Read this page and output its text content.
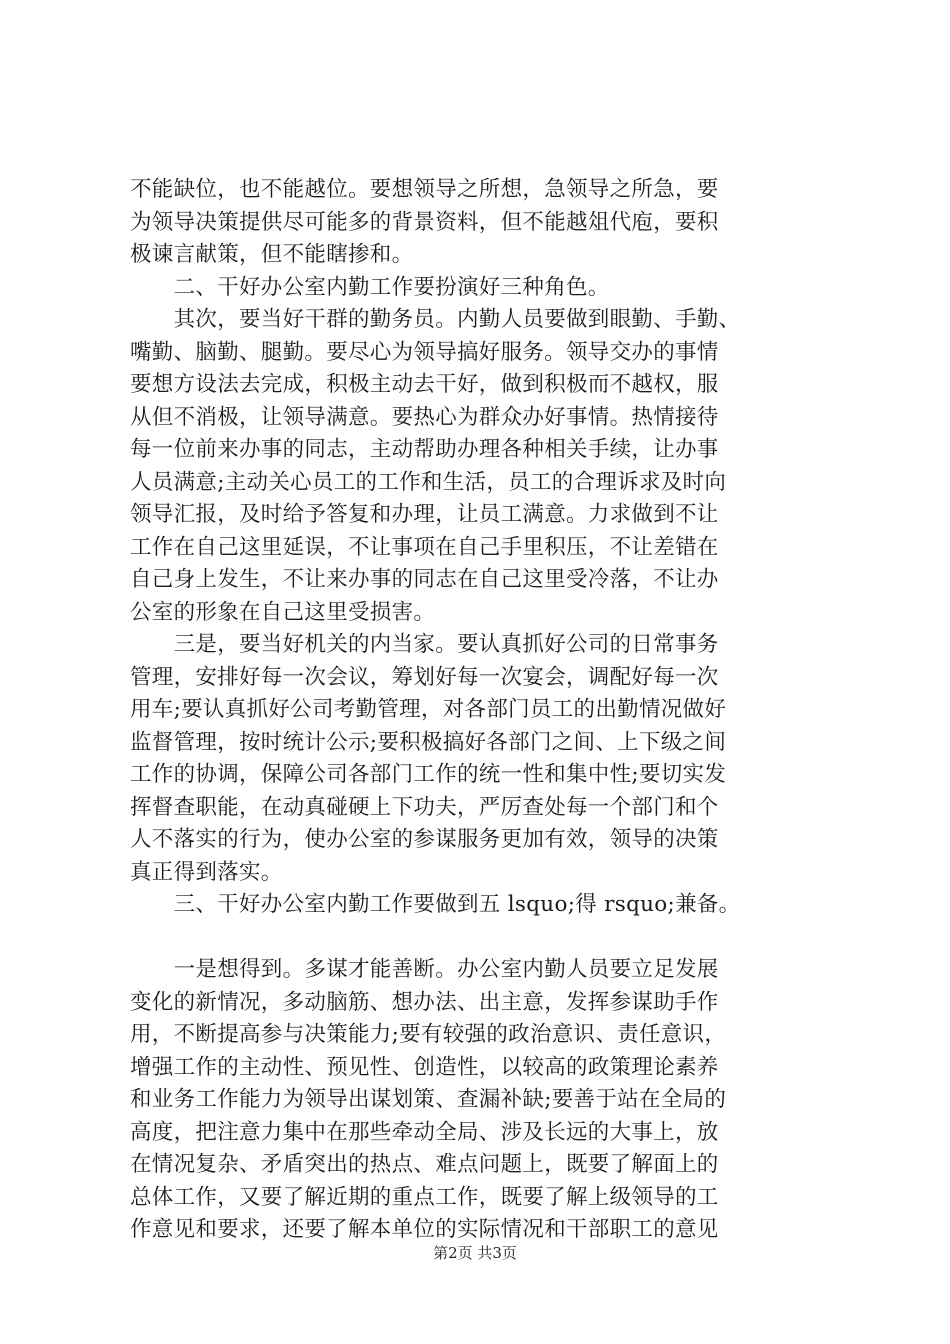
不能缺位，也不能越位。要想领导之所想，急领导之所急，要
为领导决策提供尽可能多的背景资料，但不能越俎代庖，要积
极谏言献策，但不能瞎掺和。
　　二、干好办公室内勤工作要扮演好三种角色。
　　其次，要当好干群的勤务员。内勤人员要做到眼勤、手勤、
嘴勤、脑勤、腿勤。要尽心为领导搞好服务。领导交办的事情
要想方设法去完成，积极主动去干好，做到积极而不越权，服
从但不消极，让领导满意。要热心为群众办好事情。热情接待
每一位前来办事的同志，主动帮助办理各种相关手续，让办事
人员满意;主动关心员工的工作和生活，员工的合理诉求及时向
领导汇报，及时给予答复和办理，让员工满意。力求做到不让
工作在自己这里延误，不让事项在自己手里积压，不让差错在
自己身上发生，不让来办事的同志在自己这里受冷落，不让办
公室的形象在自己这里受损害。
　　三是，要当好机关的内当家。要认真抓好公司的日常事务
管理，安排好每一次会议，筹划好每一次宴会，调配好每一次
用车;要认真抓好公司考勤管理，对各部门员工的出勤情况做好
监督管理，按时统计公示;要积极搞好各部门之间、上下级之间
工作的协调，保障公司各部门工作的统一性和集中性;要切实发
挥督查职能，在动真碰硬上下功夫，严厉查处每一个部门和个
人不落实的行为，使办公室的参谋服务更加有效，领导的决策
真正得到落实。
　　三、干好办公室内勤工作要做到五 lsquo;得 rsquo;兼备。
　　一是想得到。多谋才能善断。办公室内勤人员要立足发展
变化的新情况，多动脑筋、想办法、出主意，发挥参谋助手作
用，不断提高参与决策能力;要有较强的政治意识、责任意识，
增强工作的主动性、预见性、创造性，以较高的政策理论素养
和业务工作能力为领导出谋划策、查漏补缺;要善于站在全局的
高度，把注意力集中在那些牵动全局、涉及长远的大事上，放
在情况复杂、矛盾突出的热点、难点问题上，既要了解面上的
总体工作，又要了解近期的重点工作，既要了解上级领导的工
作意见和要求，还要了解本单位的实际情况和干部职工的意见
第2页 共3页
